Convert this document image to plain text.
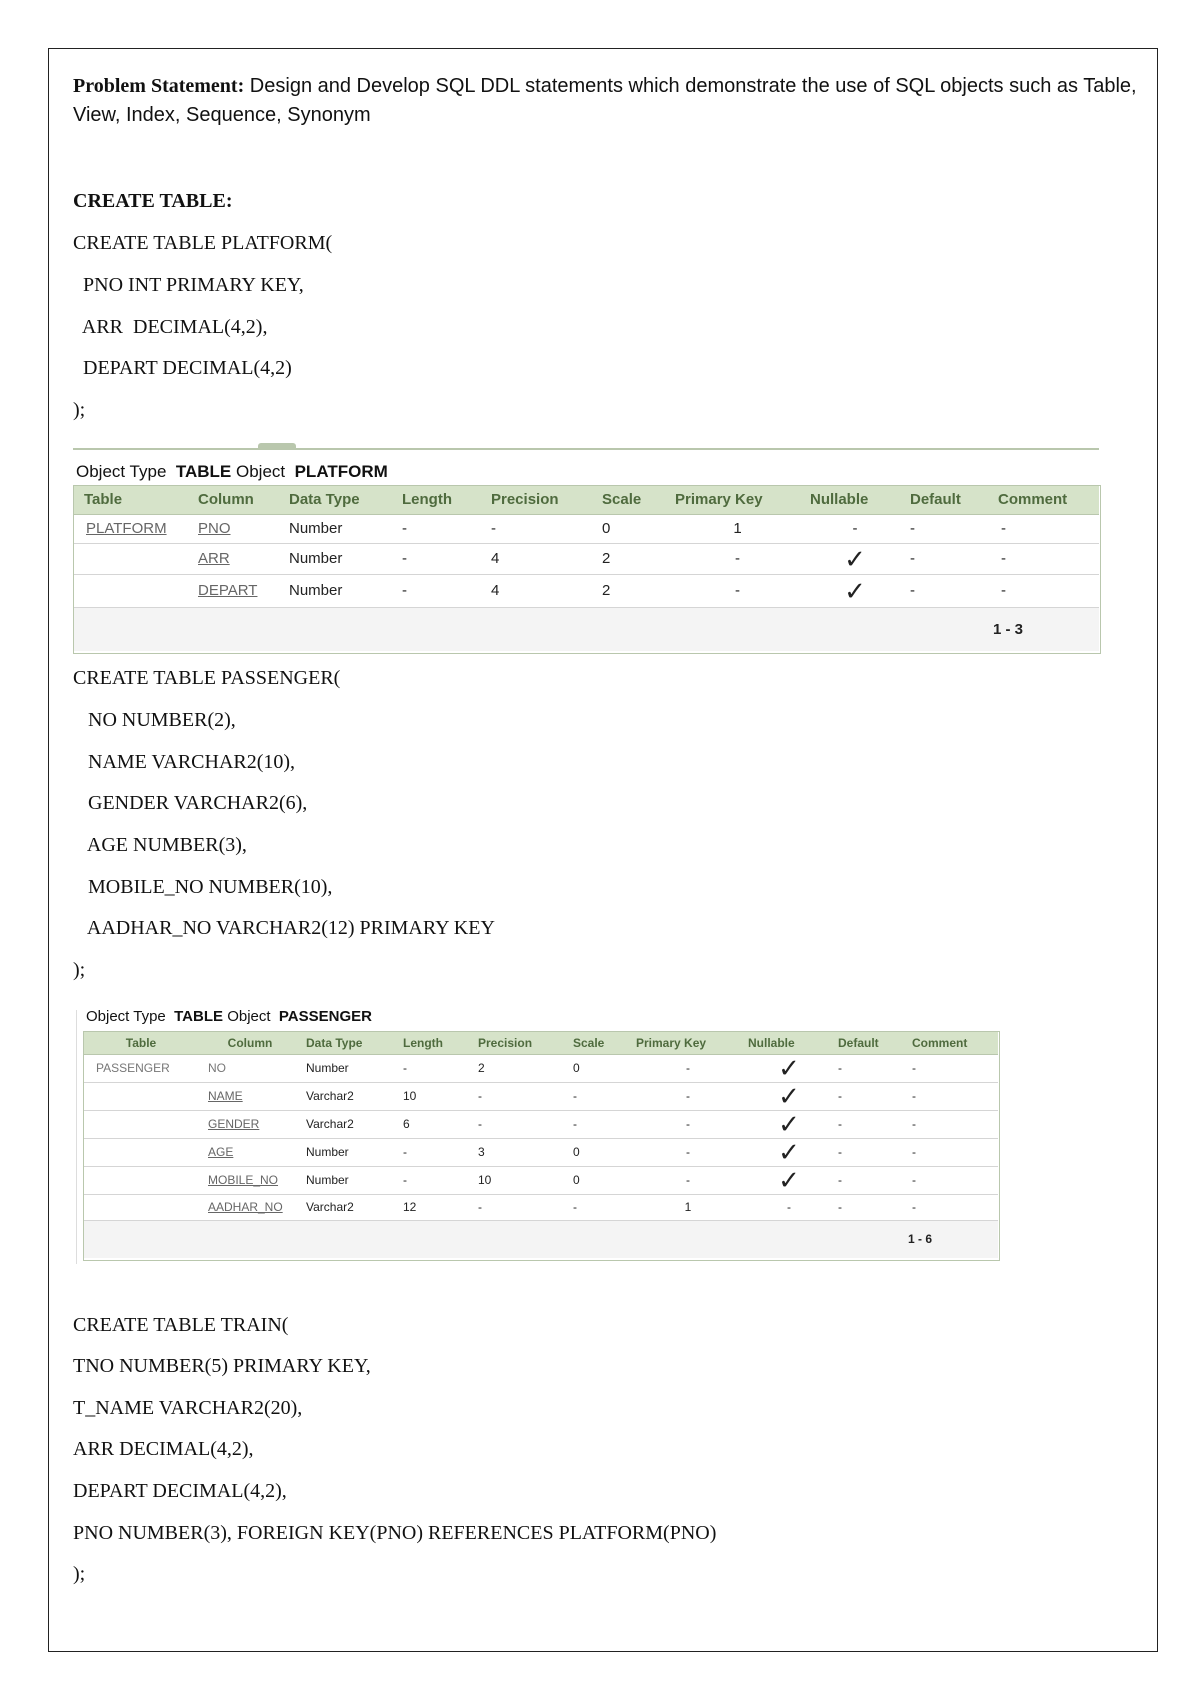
Problem Statement: Design and Develop SQL DDL statements which demonstrate the use of SQL objects such as Table, View, Index, Sequence, Synonym
CREATE TABLE:
CREATE TABLE PLATFORM(
PNO INT PRIMARY KEY,
ARR  DECIMAL(4,2),
DEPART DECIMAL(4,2)
);
Object Type TABLE Object PLATFORM
Table	Column	Data Type	Length	Precision	Scale	Primary Key	Nullable	Default	Comment
PLATFORM	PNO	Number	-	-	0	1	-	-	-
	ARR	Number	-	4	2	-	✓	-	-
	DEPART	Number	-	4	2	-	✓	-	-
									1 - 3
CREATE TABLE PASSENGER(
NO NUMBER(2),
NAME VARCHAR2(10),
GENDER VARCHAR2(6),
AGE NUMBER(3),
MOBILE_NO NUMBER(10),
AADHAR_NO VARCHAR2(12) PRIMARY KEY
);
Object Type TABLE Object PASSENGER
Table	Column	Data Type	Length	Precision	Scale	Primary Key	Nullable	Default	Comment
PASSENGER	NO	Number	-	2	0	-	✓	-	-
	NAME	Varchar2	10	-	-	-	✓	-	-
	GENDER	Varchar2	6	-	-	-	✓	-	-
	AGE	Number	-	3	0	-	✓	-	-
	MOBILE_NO	Number	-	10	0	-	✓	-	-
	AADHAR_NO	Varchar2	12	-	-	1	-	-	-
									1 - 6
CREATE TABLE TRAIN(
TNO NUMBER(5) PRIMARY KEY,
T_NAME VARCHAR2(20),
ARR DECIMAL(4,2),
DEPART DECIMAL(4,2),
PNO NUMBER(3), FOREIGN KEY(PNO) REFERENCES PLATFORM(PNO)
);
